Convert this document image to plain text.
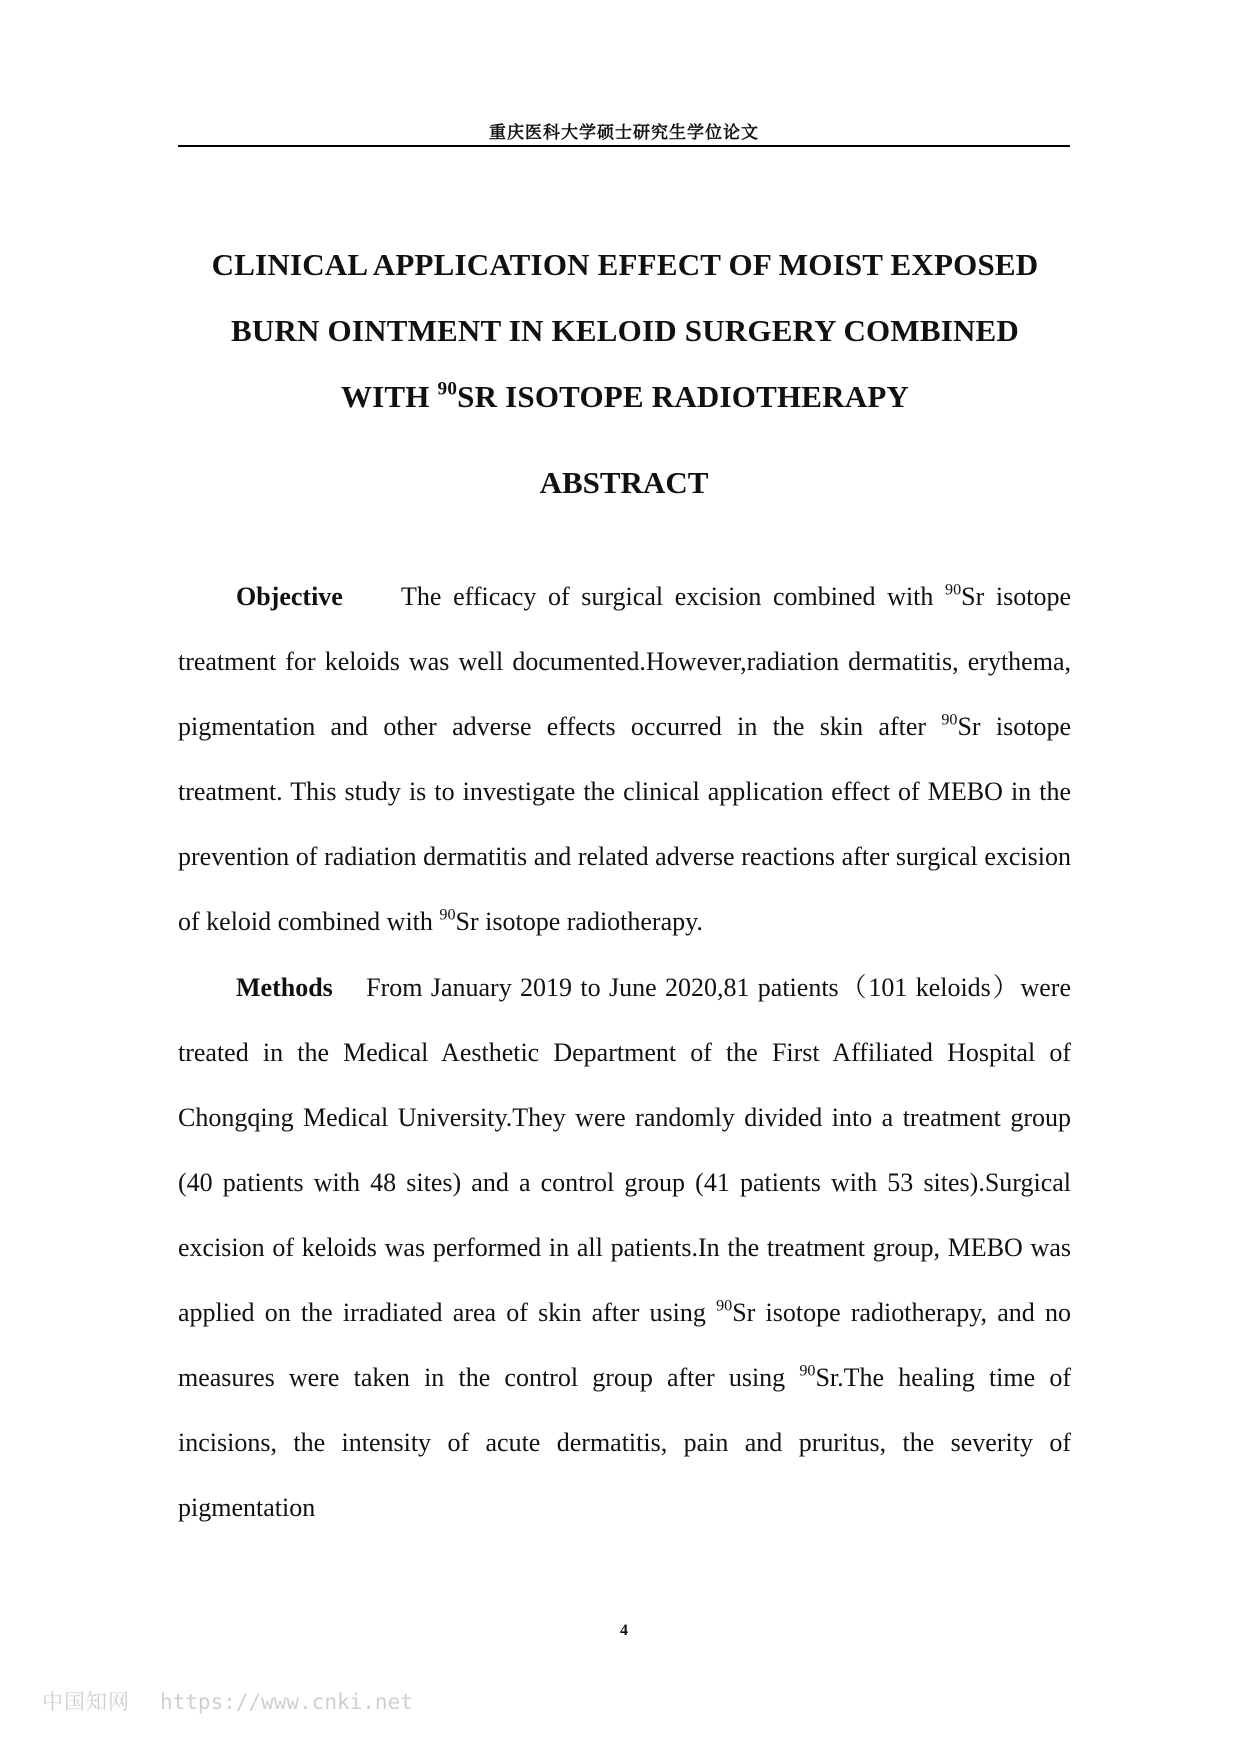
重庆医科大学硕士研究生学位论文
CLINICAL APPLICATION EFFECT OF MOIST EXPOSED
BURN OINTMENT IN KELOID SURGERY COMBINED
WITH $^{90}$SR ISOTOPE RADIOTHERAPY
ABSTRACT

Objective The efficacy of surgical excision combined with $^{90}$Sr isotope treatment for keloids was well documented.However,radiation dermatitis, erythema, pigmentation and other adverse effects occurred in the skin after $^{90}$Sr isotope treatment. This study is to investigate the clinical application effect of MEBO in the prevention of radiation dermatitis and related adverse reactions after surgical excision of keloid combined with $^{90}$Sr isotope radiotherapy.

Methods From January 2019 to June 2020,81 patients（101 keloids）were treated in the Medical Aesthetic Department of the First Affiliated Hospital of Chongqing Medical University.They were randomly divided into a treatment group (40 patients with 48 sites) and a control group (41 patients with 53 sites).Surgical excision of keloids was performed in all patients.In the treatment group, MEBO was applied on the irradiated area of skin after using $^{90}$Sr isotope radiotherapy, and no measures were taken in the control group after using $^{90}$Sr.The healing time of incisions, the intensity of acute dermatitis, pain and pruritus, the severity of pigmentation

4
中国知网 https://www.cnki.net
